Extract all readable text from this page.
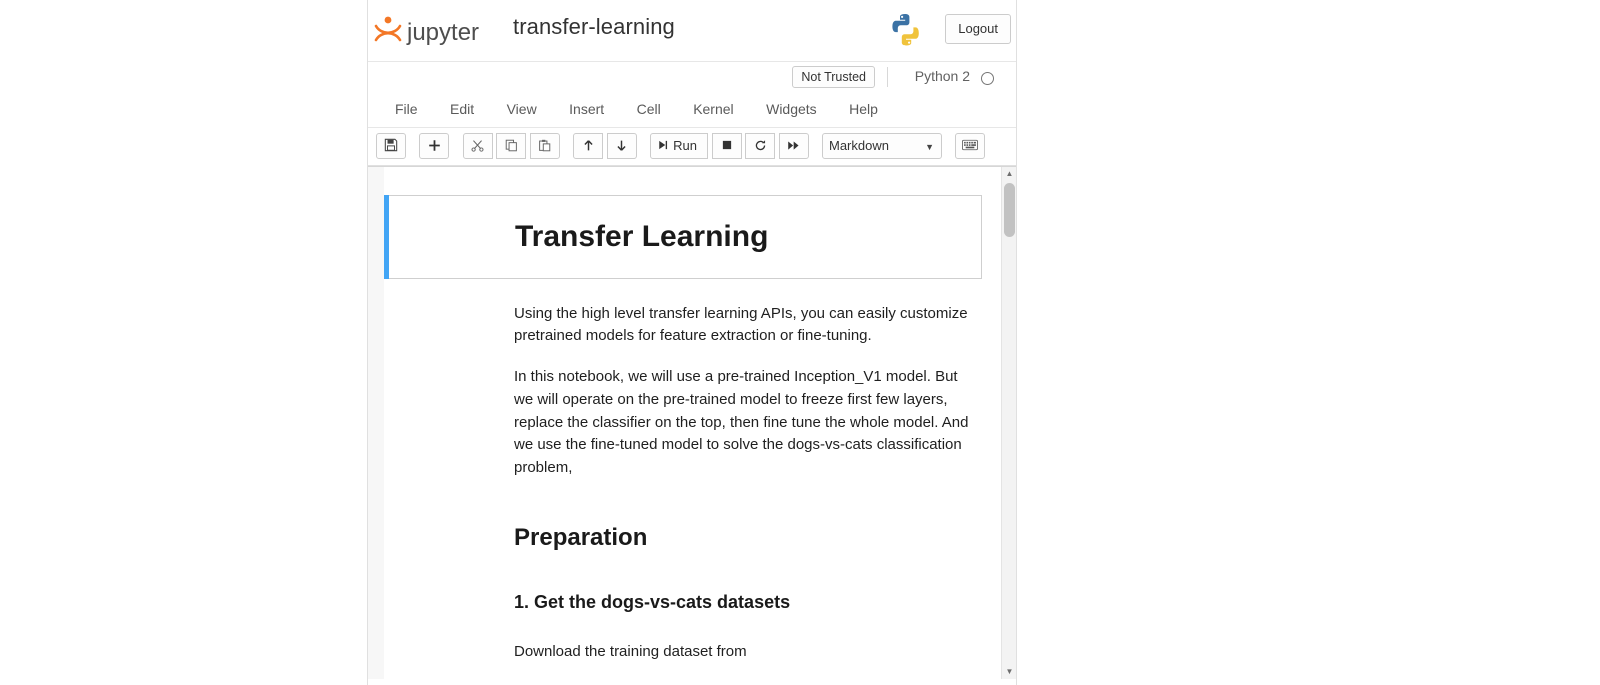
jupyter transfer-learning	Logout
Not Trusted	Python 2
File Edit View Insert Cell Kernel Widgets Help
Run	Markdown	▼

Transfer Learning

Using the high level transfer learning APIs, you can easily customize pretrained models for feature extraction or fine-tuning.

In this notebook, we will use a pre-trained Inception_V1 model. But we will operate on the pre-trained model to freeze first few layers, replace the classifier on the top, then fine tune the whole model. And we use the fine-tuned model to solve the dogs-vs-cats classification problem,

Preparation
1. Get the dogs-vs-cats datasets

Download the training dataset from

▲
▼
